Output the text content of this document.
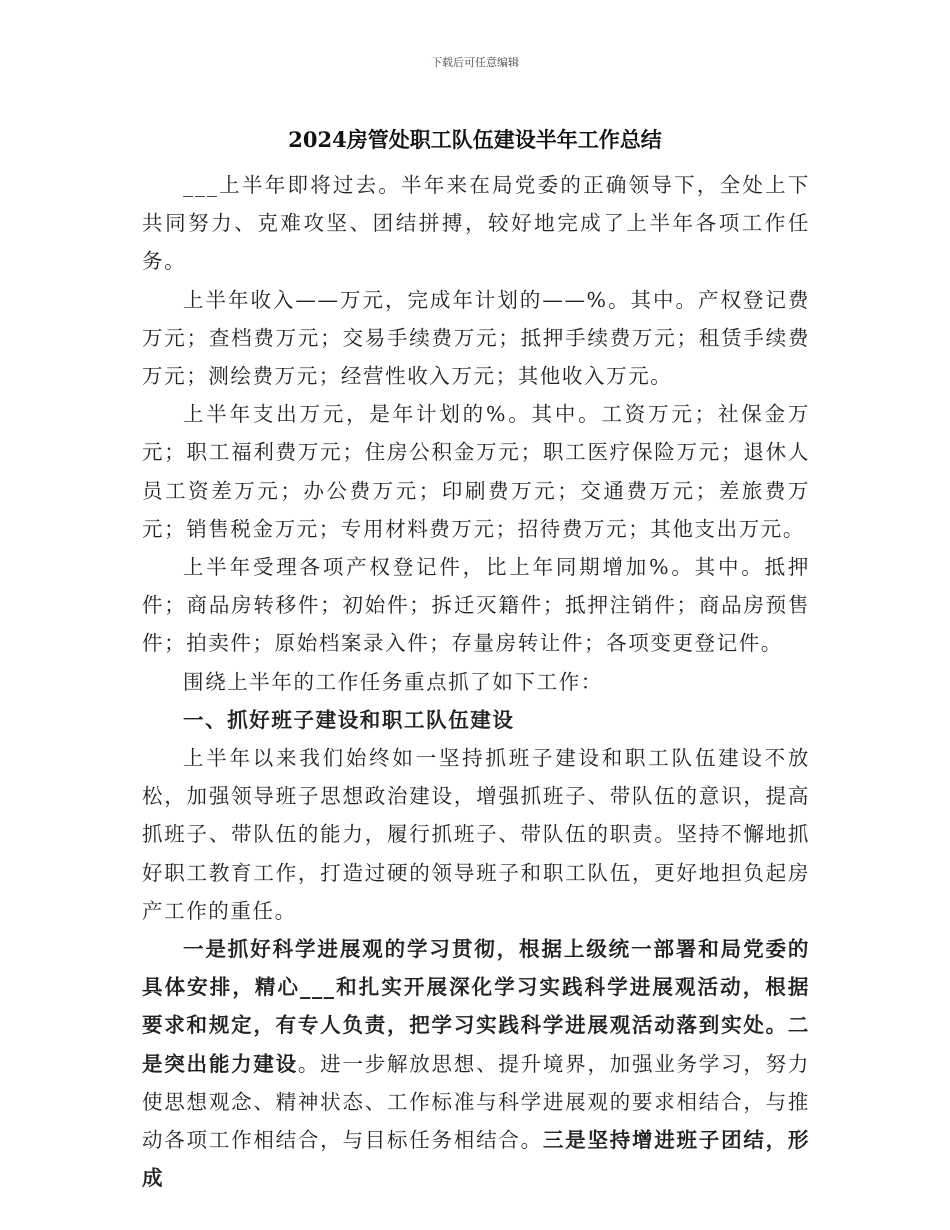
下载后可任意编辑
2024房管处职工队伍建设半年工作总结

___上半年即将过去。半年来在局党委的正确领导下，全处上下共同努力、克难攻坚、团结拼搏，较好地完成了上半年各项工作任务。

上半年收入——万元，完成年计划的——%。其中。产权登记费万元；查档费万元；交易手续费万元；抵押手续费万元；租赁手续费万元；测绘费万元；经营性收入万元；其他收入万元。

上半年支出万元，是年计划的%。其中。工资万元；社保金万元；职工福利费万元；住房公积金万元；职工医疗保险万元；退休人员工资差万元；办公费万元；印刷费万元；交通费万元；差旅费万元；销售税金万元；专用材料费万元；招待费万元；其他支出万元。

上半年受理各项产权登记件，比上年同期增加%。其中。抵押件；商品房转移件；初始件；拆迁灭籍件；抵押注销件；商品房预售件；拍卖件；原始档案录入件；存量房转让件；各项变更登记件。

围绕上半年的工作任务重点抓了如下工作：

一、抓好班子建设和职工队伍建设

上半年以来我们始终如一坚持抓班子建设和职工队伍建设不放松，加强领导班子思想政治建设，增强抓班子、带队伍的意识，提高抓班子、带队伍的能力，履行抓班子、带队伍的职责。坚持不懈地抓好职工教育工作，打造过硬的领导班子和职工队伍，更好地担负起房产工作的重任。

一是抓好科学进展观的学习贯彻，根据上级统一部署和局党委的具体安排，精心___和扎实开展深化学习实践科学进展观活动，根据要求和规定，有专人负责，把学习实践科学进展观活动落到实处。二是突出能力建设。进一步解放思想、提升境界，加强业务学习，努力使思想观念、精神状态、工作标准与科学进展观的要求相结合，与推动各项工作相结合，与目标任务相结合。三是坚持增进班子团结，形成
